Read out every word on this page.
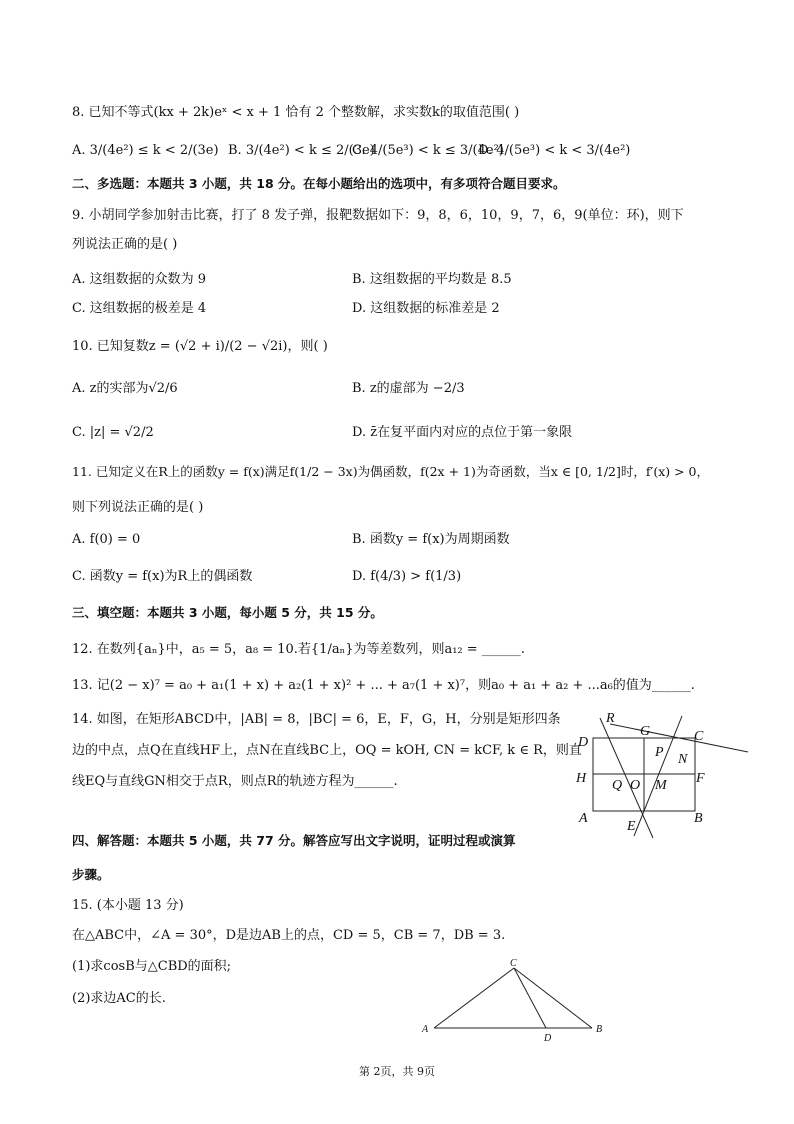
8. 已知不等式(kx + 2k)eˣ < x + 1 恰有 2 个整数解，求实数k的取值范围( )
A. 3/(4e²) ≤ k < 2/(3e) B. 3/(4e²) < k ≤ 2/(3e)
C. 4/(5e³) < k ≤ 3/(4e²)
D. 4/(5e³) < k < 3/(4e²)
二、多选题：本题共 3 小题，共 18 分。在每小题给出的选项中，有多项符合题目要求。
9. 小胡同学参加射击比赛，打了 8 发子弹，报靶数据如下：9，8，6，10，9，7，6，9(单位：环)，则下
列说法正确的是( )
A. 这组数据的众数为 9	B. 这组数据的平均数是 8.5
C. 这组数据的极差是 4	D. 这组数据的标准差是 2
10. 已知复数z = (√2 + i)/(2 − √2i)，则( )
A. z的实部为√2/6	B. z的虚部为 −2/3
C. |z| = √2/2	D. z̄在复平面内对应的点位于第一象限
11. 已知定义在R上的函数y = f(x)满足f(1/2 − 3x)为偶函数，f(2x + 1)为奇函数，当x ∈ [0, 1/2]时，f′(x) > 0，
则下列说法正确的是( )
A. f(0) = 0	B. 函数y = f(x)为周期函数
C. 函数y = f(x)为R上的偶函数	D. f(4/3) > f(1/3)
三、填空题：本题共 3 小题，每小题 5 分，共 15 分。
12. 在数列{aₙ}中，a₅ = 5，a₈ = 10.若{1/aₙ}为等差数列，则a₁₂ = ______.
13. 记(2 − x)⁷ = a₀ + a₁(1 + x) + a₂(1 + x)² + ... + a₇(1 + x)⁷，则a₀ + a₁ + a₂ + ...a₆的值为______.
14. 如图，在矩形ABCD中，|AB| = 8，|BC| = 6，E，F，G，H，分别是矩形四条
边的中点，点Q在直线HF上，点N在直线BC上，OQ = kOH, CN = kCF, k ∈ R，则直
线EQ与直线GN相交于点R，则点R的轨迹方程为______.
R
G	C
D
P N
H Q O M F
A
E
B
四、解答题：本题共 5 小题，共 77 分。解答应写出文字说明，证明过程或演算
步骤。
15. (本小题 13 分)
在△ABC中，∠A = 30°，D是边AB上的点，CD = 5，CB = 7，DB = 3.
(1)求cosB与△CBD的面积;
(2)求边AC的长.
C
A
D
B
第 2页，共 9页
